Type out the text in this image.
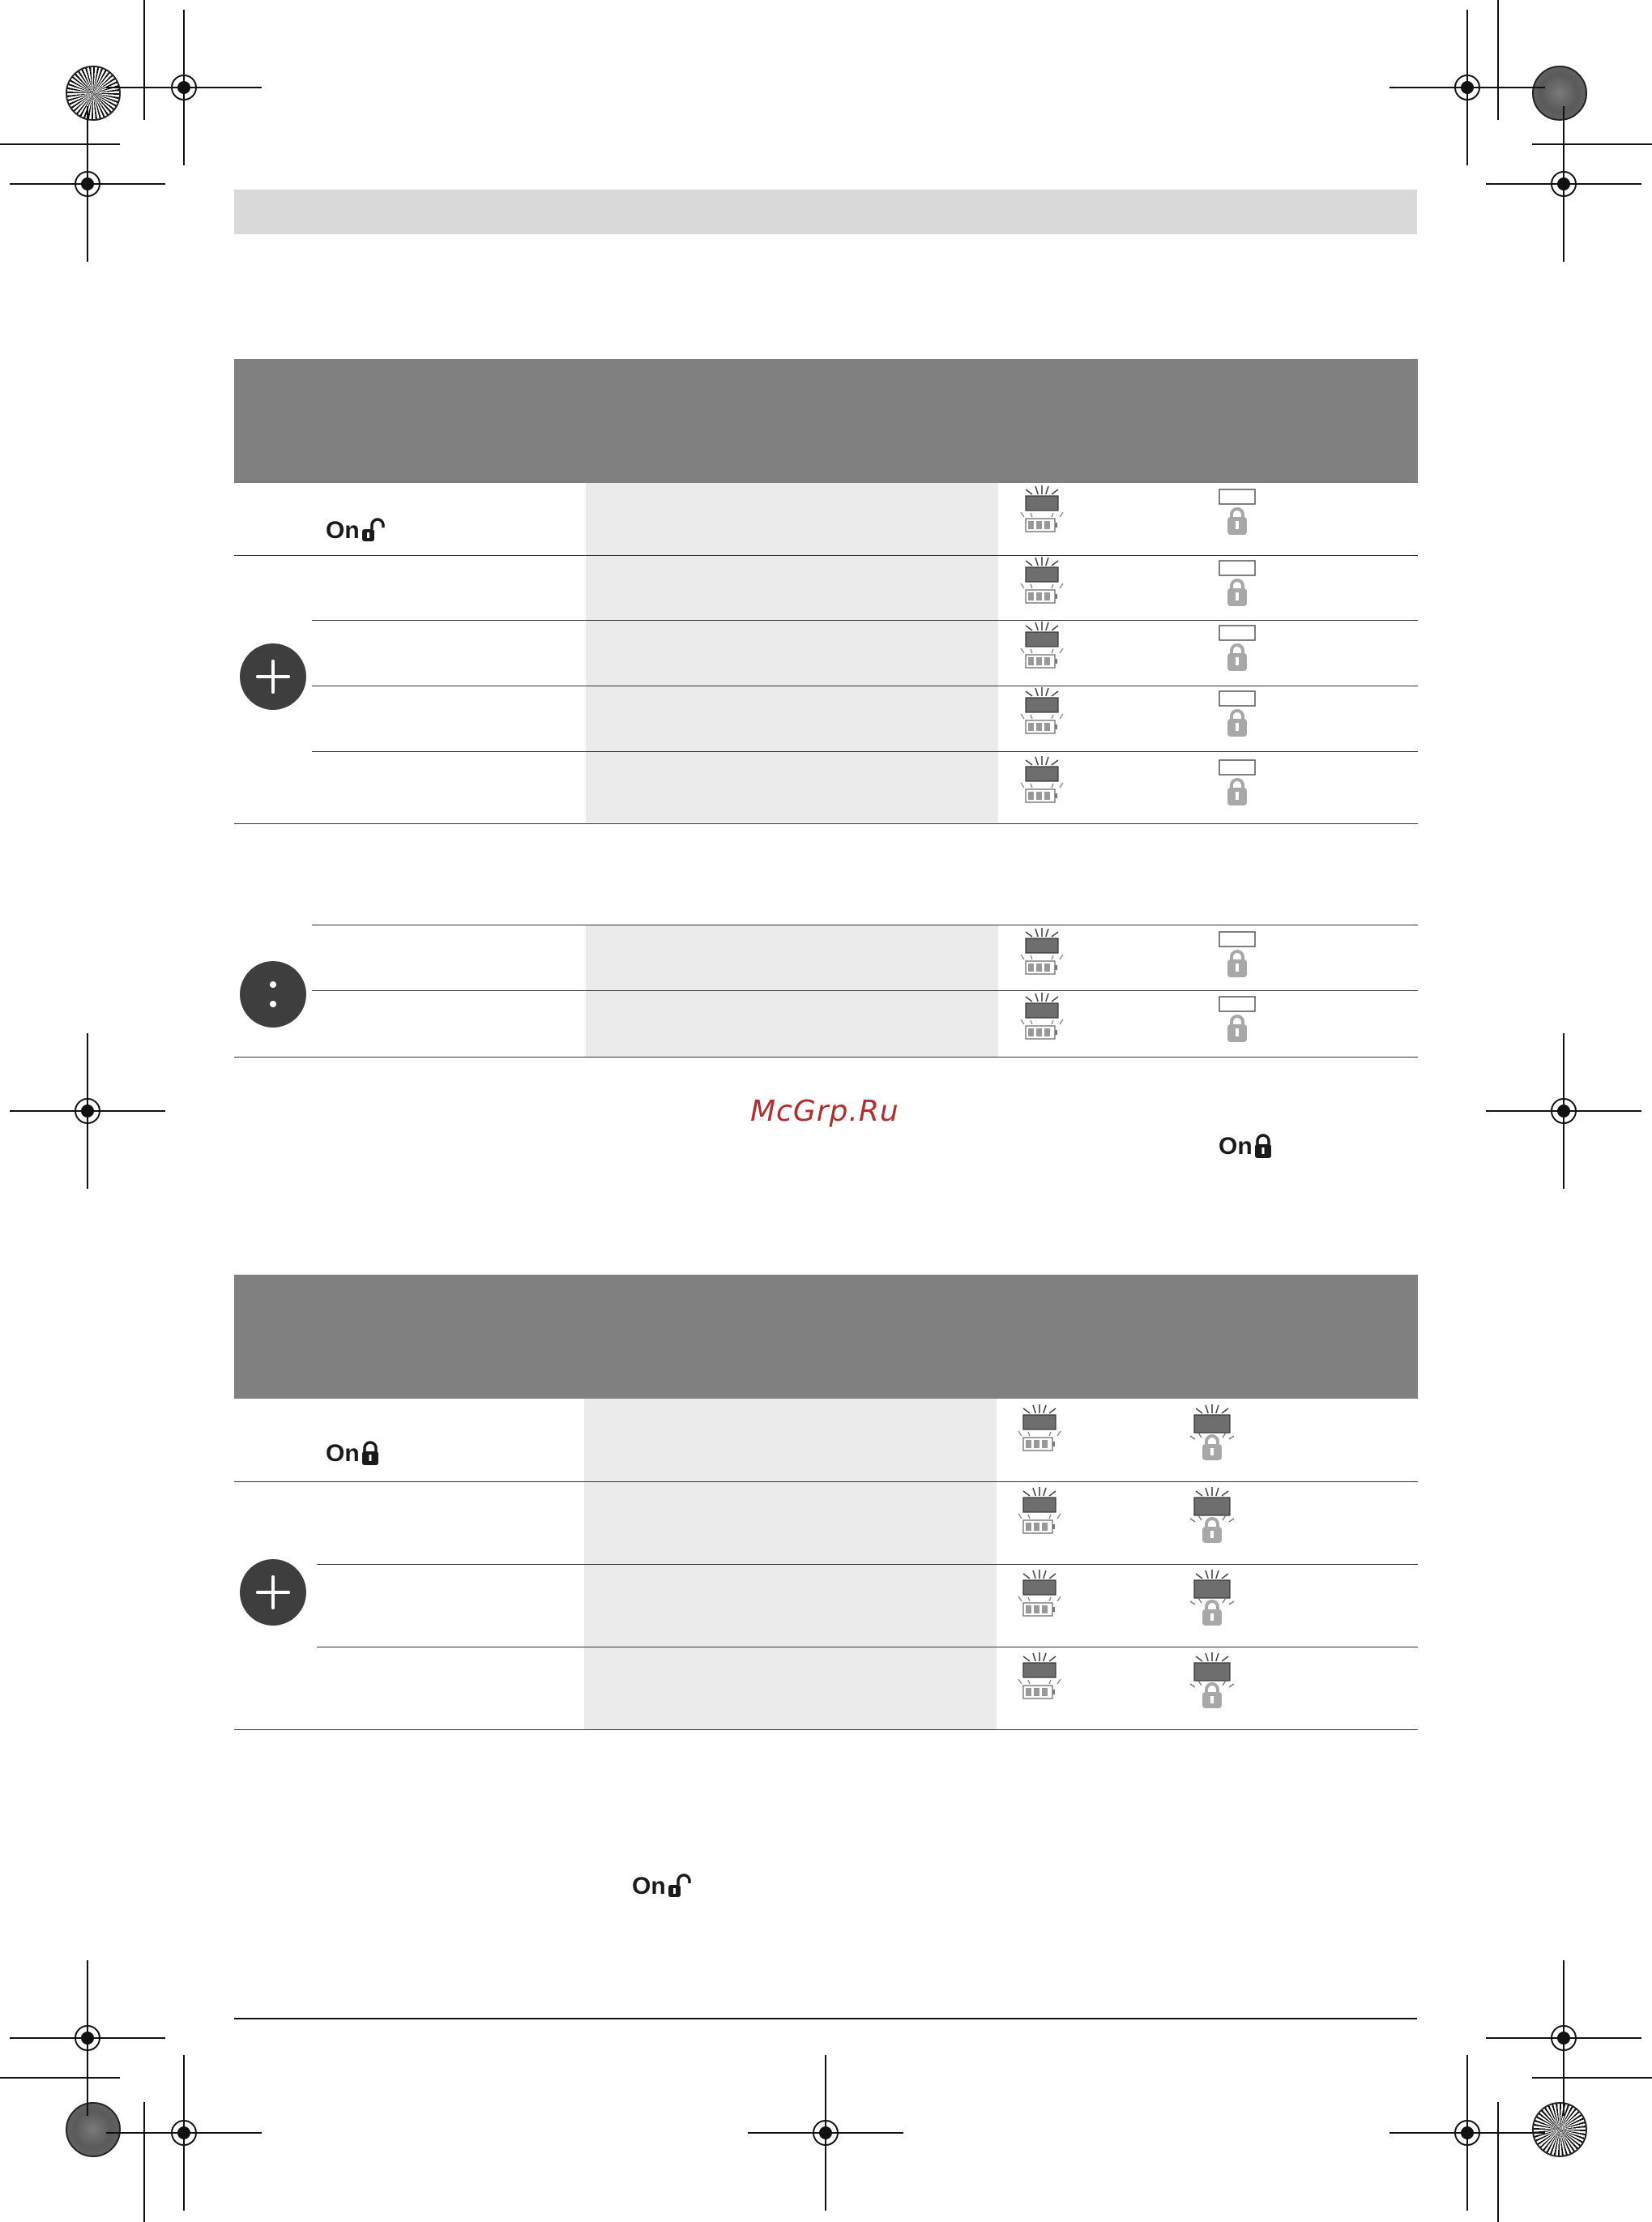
On
McGrp.Ru
On
On
On
